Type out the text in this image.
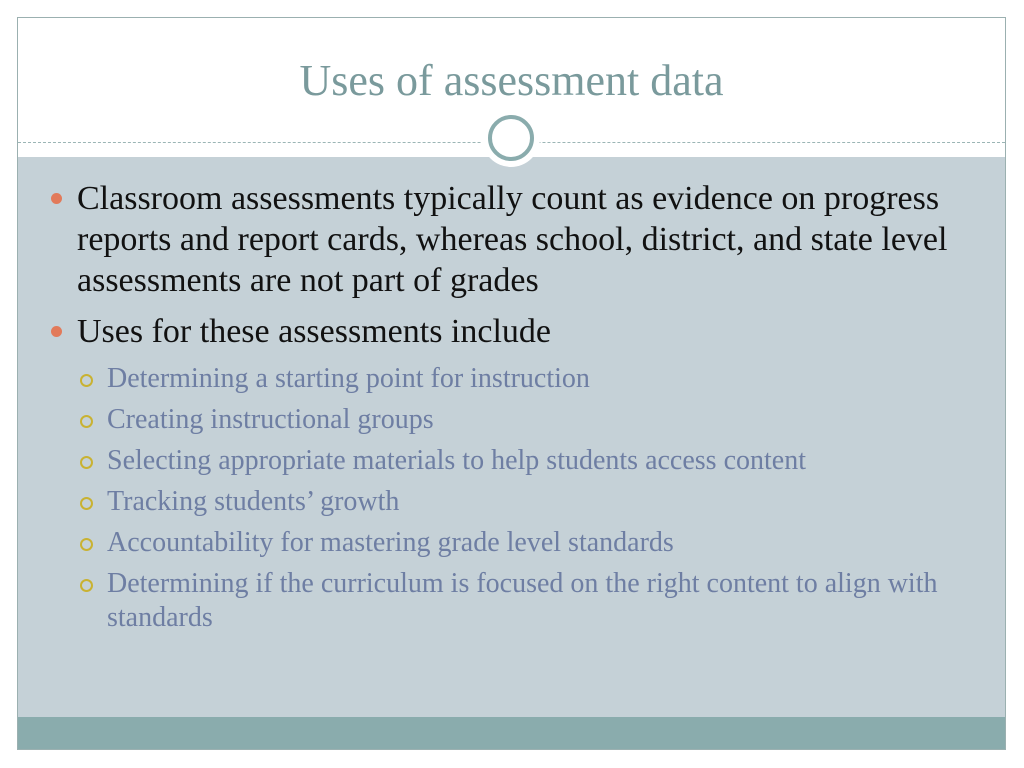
Uses of assessment data
Classroom assessments typically count as evidence on progress reports and report cards, whereas school, district, and state level assessments are not part of grades
Uses for these assessments include
Determining a starting point for instruction
Creating instructional groups
Selecting appropriate materials to help students access content
Tracking students’ growth
Accountability for mastering grade level standards
Determining if the curriculum is focused on the right content to align with standards
